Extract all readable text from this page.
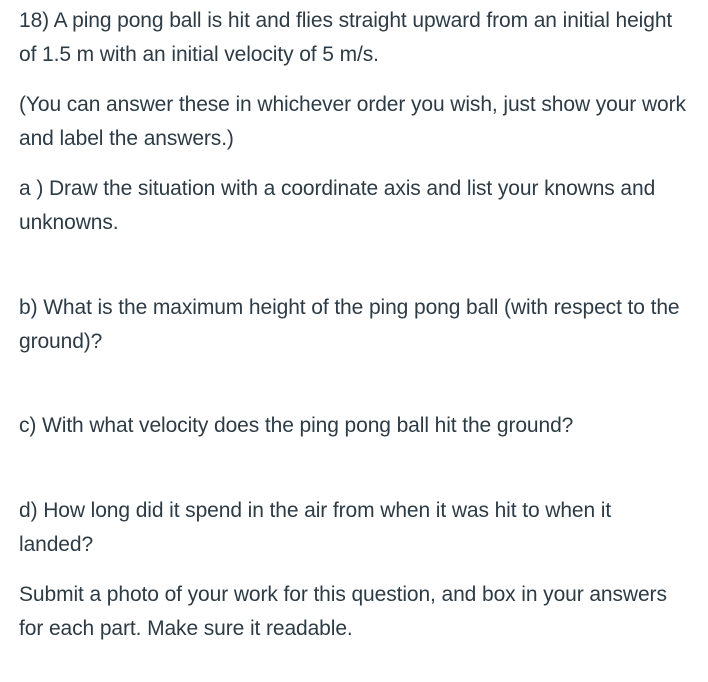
18) A ping pong ball is hit and flies straight upward from an initial height of 1.5 m with an initial velocity of 5 m/s.

(You can answer these in whichever order you wish, just show your work and label the answers.)

a ) Draw the situation with a coordinate axis and list your knowns and unknowns.

b) What is the maximum height of the ping pong ball (with respect to the ground)?

c) With what velocity does the ping pong ball hit the ground?

d) How long did it spend in the air from when it was hit to when it landed?

Submit a photo of your work for this question, and box in your answers for each part. Make sure it readable.
